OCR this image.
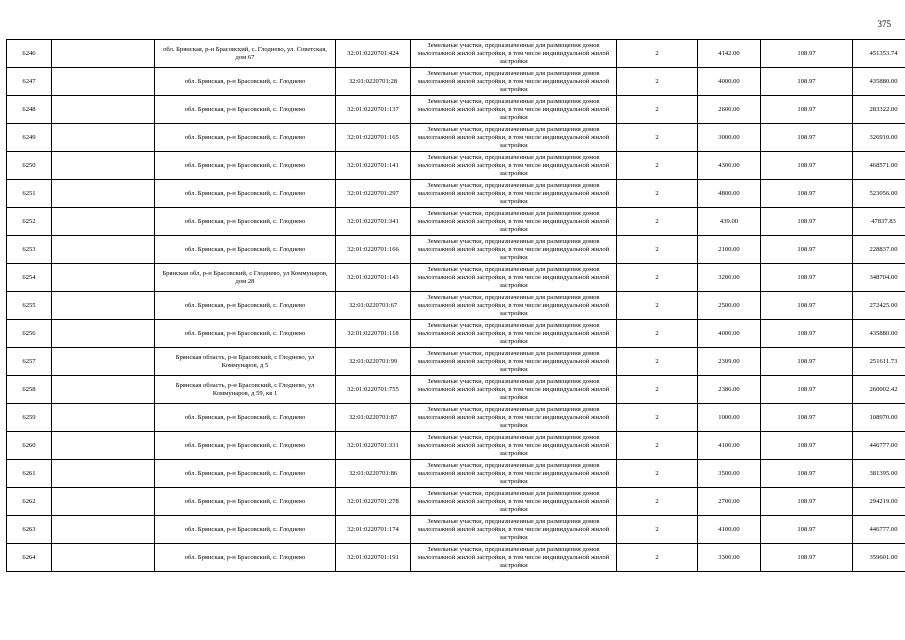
375
6246		обл. Брянская, р-н Брасовский, с. Глоднево, ул. Советская, дом 67	32:01:0220701:424	Земельные участки, предназначенные для размещения домов малоэтажной жилой застройки, в том числе индивидуальной жилой застройки	2	4142.00	108.97	451353.74
6247		обл. Брянская, р-н Брасовский, с. Глоднево	32:01:0220701:28	Земельные участки, предназначенные для размещения домов малоэтажной жилой застройки, в том числе индивидуальной жилой застройки	2	4000.00	108.97	435880.00
6248		обл. Брянская, р-н Брасовский, с. Глоднево	32:01:0220701:137	Земельные участки, предназначенные для размещения домов малоэтажной жилой застройки, в том числе индивидуальной жилой застройки	2	2600.00	108.97	283322.00
6249		обл. Брянская, р-н Брасовский, с. Глоднево	32:01:0220701:165	Земельные участки, предназначенные для размещения домов малоэтажной жилой застройки, в том числе индивидуальной жилой застройки	2	3000.00	108.97	326910.00
6250		обл. Брянская, р-н Брасовский, с. Глоднево	32:01:0220701:141	Земельные участки, предназначенные для размещения домов малоэтажной жилой застройки, в том числе индивидуальной жилой застройки	2	4300.00	108.97	468571.00
6251		обл. Брянская, р-н Брасовский, с. Глоднево	32:01:0220701:297	Земельные участки, предназначенные для размещения домов малоэтажной жилой застройки, в том числе индивидуальной жилой застройки	2	4800.00	108.97	523056.00
6252		обл. Брянская, р-н Брасовский, с. Глоднево	32:01:0220701:341	Земельные участки, предназначенные для размещения домов малоэтажной жилой застройки, в том числе индивидуальной жилой застройки	2	439.00	108.97	47837.83
6253		обл. Брянская, р-н Брасовский, с. Глоднево	32:01:0220701:166	Земельные участки, предназначенные для размещения домов малоэтажной жилой застройки, в том числе индивидуальной жилой застройки	2	2100.00	108.97	228837.00
6254		Брянская обл, р-н Брасовский, с Глоднево, ул Коммунаров, дом 28	32:01:0220701:143	Земельные участки, предназначенные для размещения домов малоэтажной жилой застройки, в том числе индивидуальной жилой застройки	2	3200.00	108.97	348704.00
6255		обл. Брянская, р-н Брасовский, с. Глоднево	32:01:0220701:67	Земельные участки, предназначенные для размещения домов малоэтажной жилой застройки, в том числе индивидуальной жилой застройки	2	2500.00	108.97	272425.00
6256		обл. Брянская, р-н Брасовский, с. Глоднево	32:01:0220701:118	Земельные участки, предназначенные для размещения домов малоэтажной жилой застройки, в том числе индивидуальной жилой застройки	2	4000.00	108.97	435880.00
6257		Брянская область, р-н Брасовский, с Глоднево, ул Коммунаров, д 5	32:01:0220701:99	Земельные участки, предназначенные для размещения домов малоэтажной жилой застройки, в том числе индивидуальной жилой застройки	2	2309.00	108.97	251611.73
6258		Брянская область, р-н Брасовский, с Глоднево, ул Коммунаров, д 59, кв 1	32:01:0220701:755	Земельные участки, предназначенные для размещения домов малоэтажной жилой застройки, в том числе индивидуальной жилой застройки	2	2386.00	108.97	260002.42
6259		обл. Брянская, р-н Брасовский, с. Глоднево	32:01:0220701:87	Земельные участки, предназначенные для размещения домов малоэтажной жилой застройки, в том числе индивидуальной жилой застройки	2	1000.00	108.97	108970.00
6260		обл. Брянская, р-н Брасовский, с. Глоднево	32:01:0220701:331	Земельные участки, предназначенные для размещения домов малоэтажной жилой застройки, в том числе индивидуальной жилой застройки	2	4100.00	108.97	446777.00
6261		обл. Брянская, р-н Брасовский, с. Глоднево	32:01:0220701:86	Земельные участки, предназначенные для размещения домов малоэтажной жилой застройки, в том числе индивидуальной жилой застройки	2	3500.00	108.97	381395.00
6262		обл. Брянская, р-н Брасовский, с. Глоднево	32:01:0220701:278	Земельные участки, предназначенные для размещения домов малоэтажной жилой застройки, в том числе индивидуальной жилой застройки	2	2700.00	108.97	294219.00
6263		обл. Брянская, р-н Брасовский, с. Глоднево	32:01:0220701:174	Земельные участки, предназначенные для размещения домов малоэтажной жилой застройки, в том числе индивидуальной жилой застройки	2	4100.00	108.97	446777.00
6264		обл. Брянская, р-н Брасовский, с. Глоднево	32:01:0220701:191	Земельные участки, предназначенные для размещения домов малоэтажной жилой застройки, в том числе индивидуальной жилой застройки	2	3300.00	108.97	359601.00
